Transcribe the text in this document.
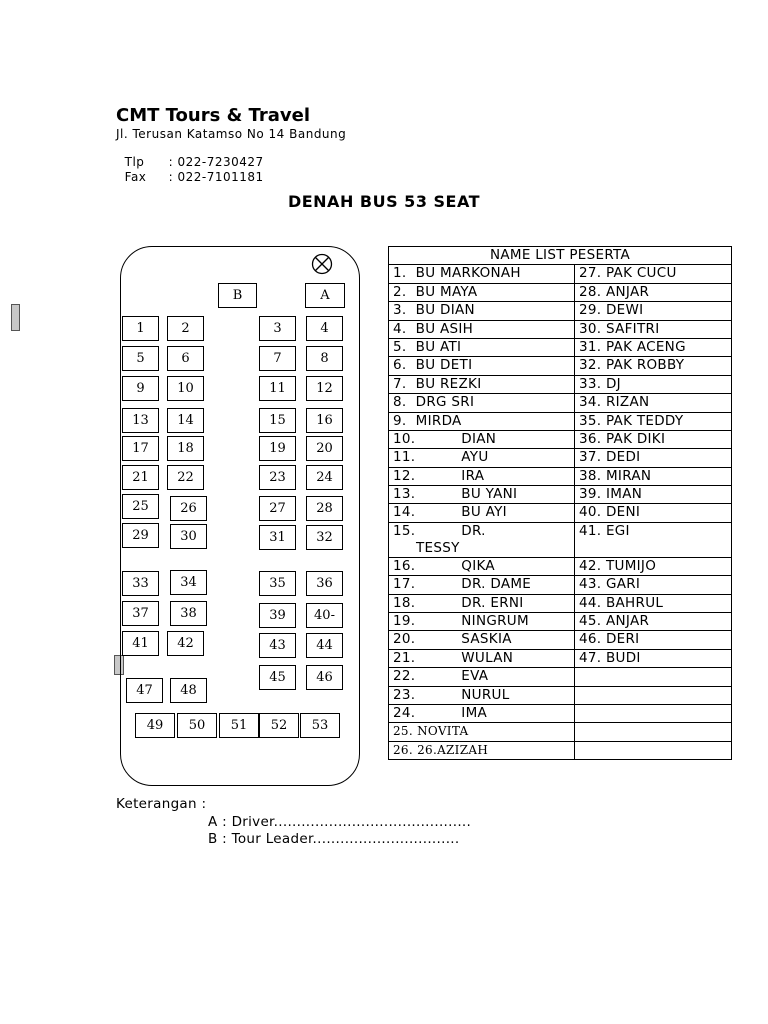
CMT Tours & Travel
Jl. Terusan Katamso No 14 Bandung

Tlp : 022-7230427

Fax : 022-7101181

DENAH BUS 53 SEAT
B	A
1	2	3	4
5	6	7	8
9	10	11	12
13	14	15	16
17	18	19	20
21	22	23	24
25	26	27	28
29	30	31	32
33	34	35	36
37	38	39	40-
41	42	43	44
45	46
47	48
49	50	51	52	53
NAME LIST PESERTA	
1.  BU MARKONAH	27. PAK CUCU
2.  BU MAYA	28. ANJAR
3.  BU DIAN	29. DEWI
4.  BU ASIH	30. SAFITRI
5.  BU ATI	31. PAK ACENG
6.  BU DETI	32. PAK ROBBY
7.  BU REZKI	33. DJ
8.  DRG SRI	34. RIZAN
9.  MIRDA	35. PAK TEDDY
10.          DIAN	36. PAK DIKI
11.          AYU	37. DEDI
12.          IRA	38. MIRAN
13.          BU YANI	39. IMAN
14.          BU AYI	40. DENI
15.          DR.
TESSY	41. EGI
16.          QIKA	42. TUMIJO
17.          DR. DAME	43. GARI
18.          DR. ERNI	44. BAHRUL
19.          NINGRUM	45. ANJAR
20.          SASKIA	46. DERI
21.          WULAN	47. BUDI
22.          EVA	
23.          NURUL	
24.          IMA	
25. NOVITA	
26. 26.AZIZAH	
Keterangan :
A : Driver...........................................
B : Tour Leader................................
